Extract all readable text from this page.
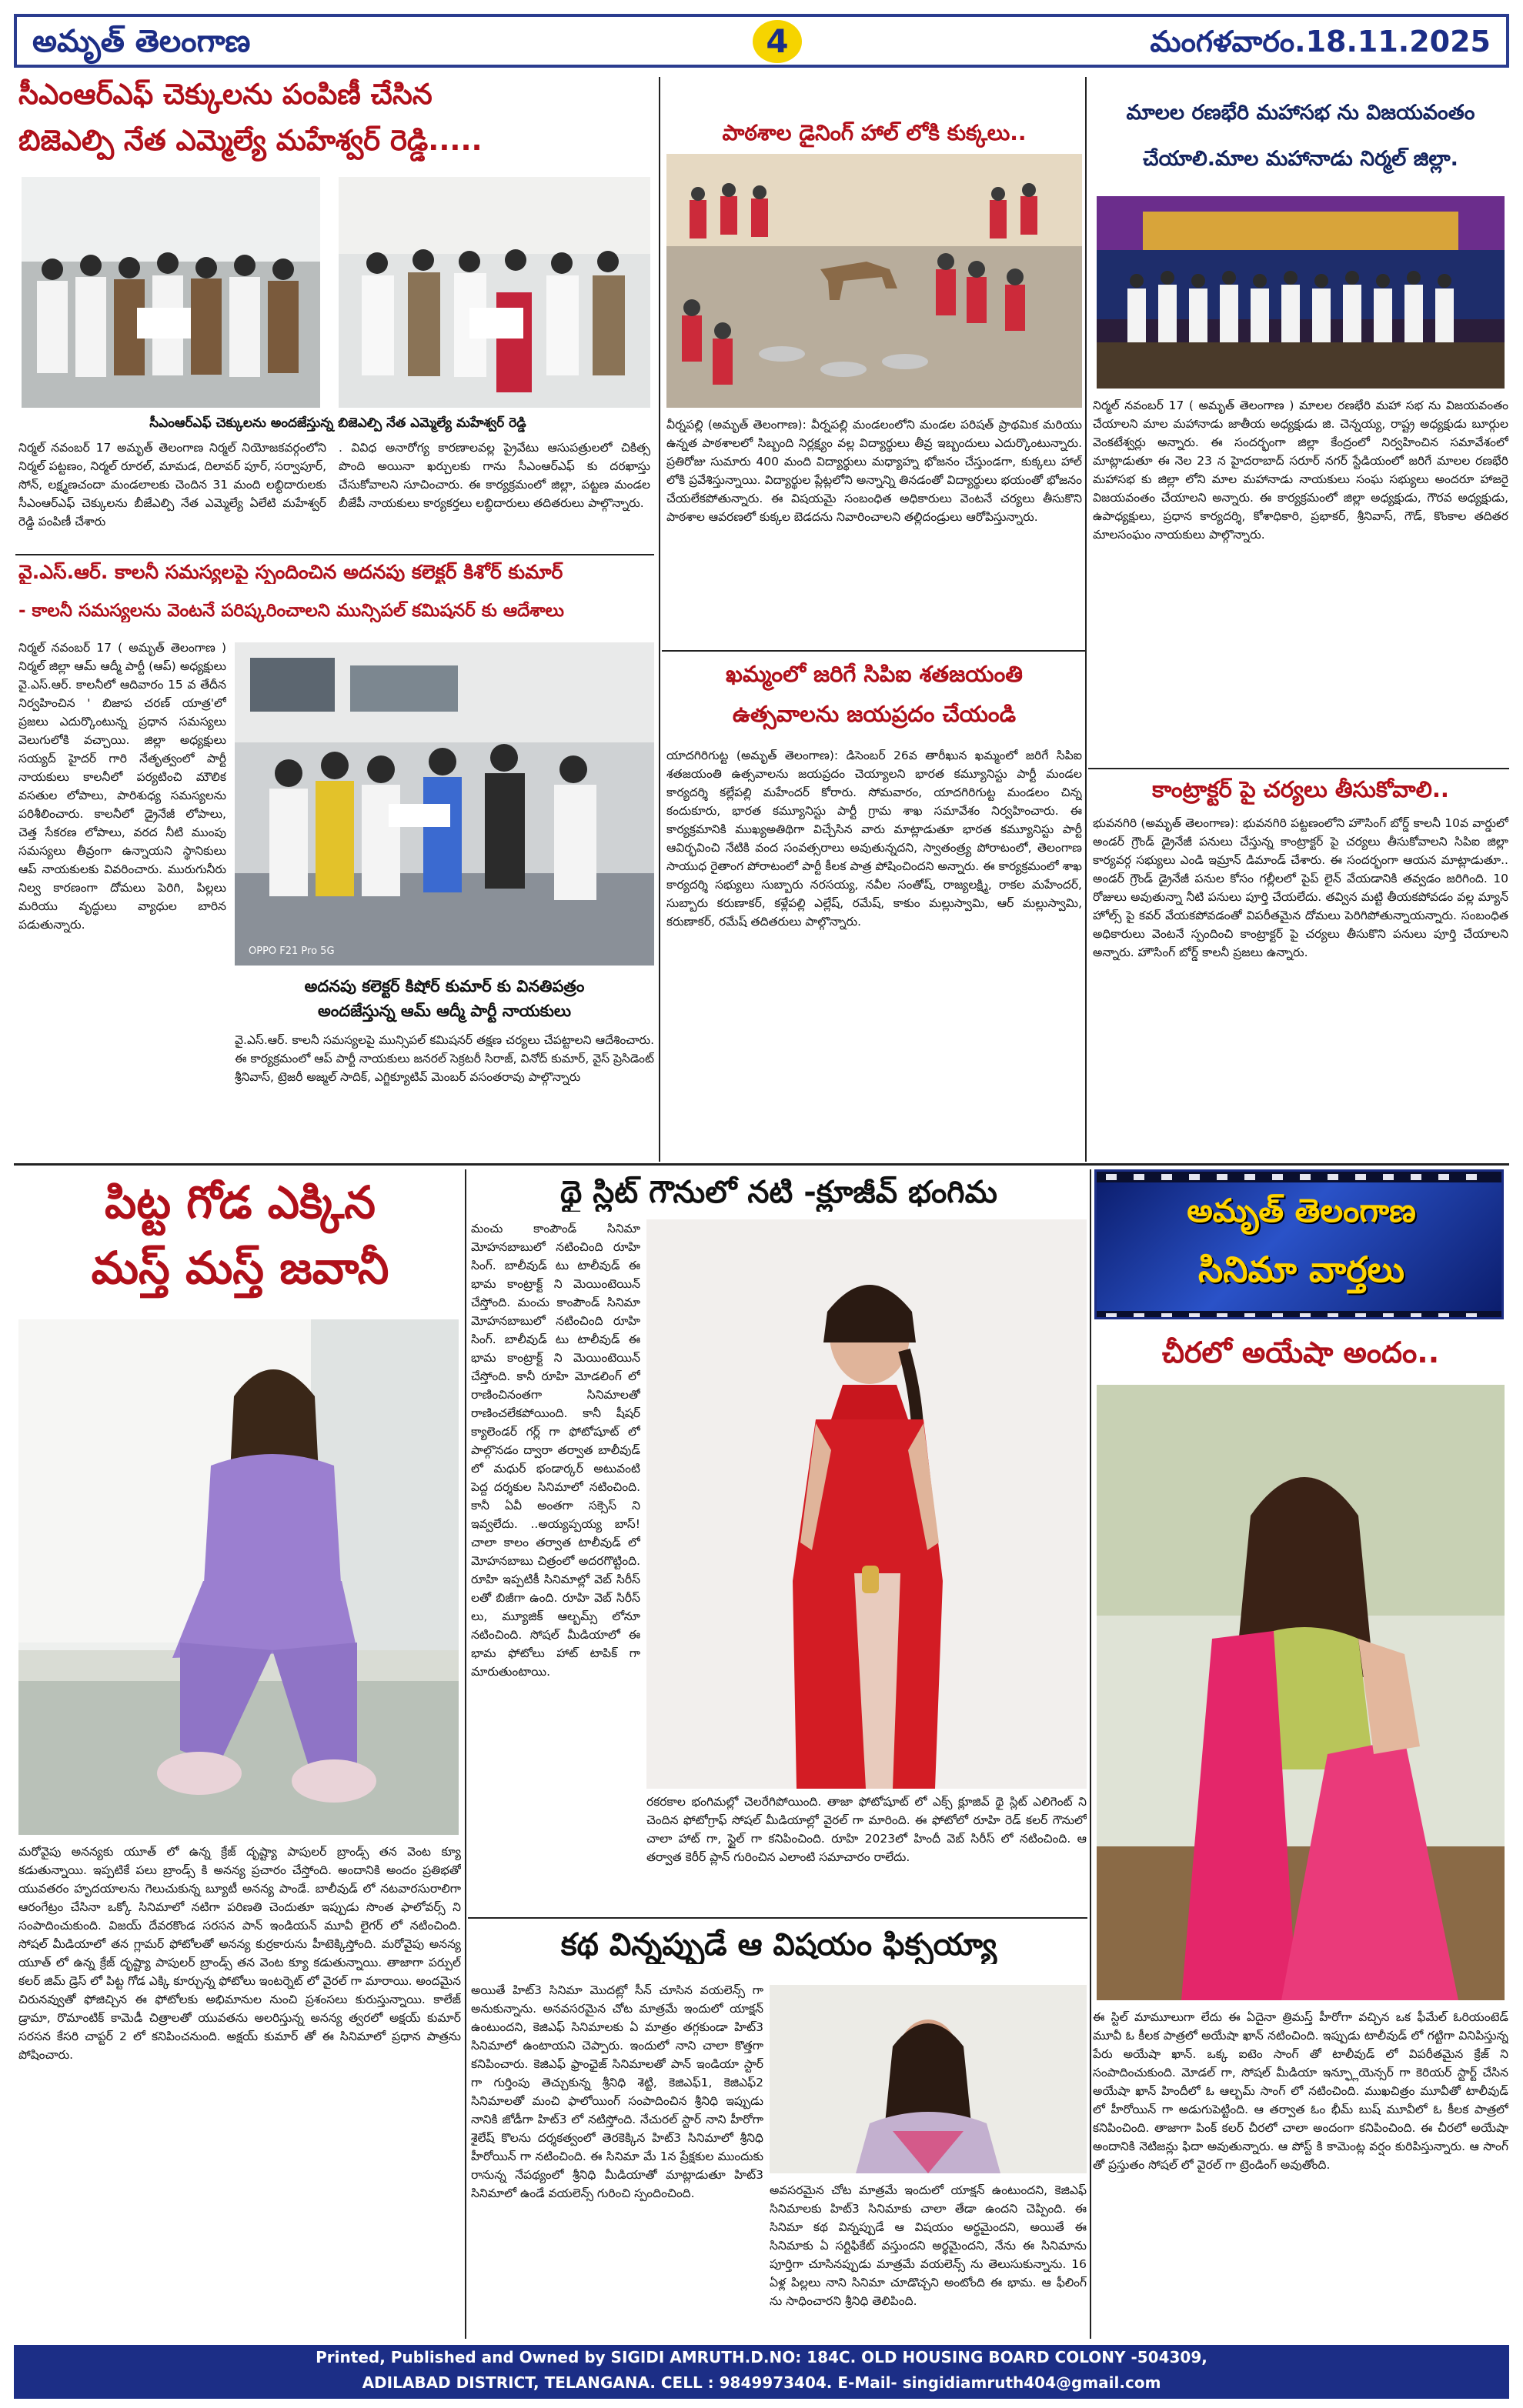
అమృత్ తెలంగాణ	4	మంగళవారం.18.11.2025
సీఎంఆర్ఎఫ్ చెక్కులను పంపిణీ చేసిన
బిజెఎల్పి నేత ఎమ్మెల్యే మహేశ్వర్ రెడ్డి.....
సీఎంఆర్ఎఫ్ చెక్కులను అందజేస్తున్న బిజెఎల్పి నేత ఎమ్మెల్యే మహేశ్వర్ రెడ్డి
నిర్మల్ నవంబర్ 17 అమృత్ తెలంగాణ నిర్మల్ నియోజకవర్గంలోని నిర్మల్ పట్టణం, నిర్మల్ రూరల్, మామడ, దిలావర్ పూర్, సర్వాపూర్, సోన్, లక్ష్మణచందా మండలాలకు చెందిన 31 మంది లబ్ధిదారులకు సీఎంఆర్ఎఫ్ చెక్కులను బీజేఎల్పి నేత ఎమ్మెల్యే ఏలేటి మహేశ్వర్ రెడ్డి పంపిణీ చేశారు
. వివిధ అనారోగ్య కారణాలవల్ల ప్రైవేటు ఆసుపత్రులలో చికిత్స పొంది అయినా ఖర్చులకు గాను సీఎంఆర్ఎఫ్ కు దరఖాస్తు చేసుకోవాలని సూచించారు. ఈ కార్యక్రమంలో జిల్లా, పట్టణ మండల బీజేపీ నాయకులు కార్యకర్తలు లబ్ధిదారులు తదితరులు పాల్గొన్నారు.
వై.ఎస్.ఆర్. కాలనీ సమస్యలపై స్పందించిన అదనపు కలెక్టర్ కిశోర్ కుమార్
- కాలనీ సమస్యలను వెంటనే పరిష్కరించాలని మున్సిపల్ కమిషనర్ కు ఆదేశాలు
నిర్మల్ నవంబర్ 17 ( అమృత్ తెలంగాణ ) నిర్మల్ జిల్లా ఆమ్ ఆద్మీ పార్టీ (ఆప్) అధ్యక్షులు వై.ఎస్.ఆర్. కాలనీలో ఆదివారం 15 వ తేదీన నిర్వహించిన ' బిజాప చరణ్ యాత్ర'లో ప్రజలు ఎదుర్కొంటున్న ప్రధాన సమస్యలు వెలుగులోకి వచ్చాయి. జిల్లా అధ్యక్షులు సయ్యద్ హైదర్ గారి నేతృత్వంలో పార్టీ నాయకులు కాలనీలో పర్యటించి మౌలిక వసతుల లోపాలు, పారిశుధ్య సమస్యలను పరిశీలించారు. కాలనీలో డ్రైనేజీ లోపాలు, చెత్త సేకరణ లోపాలు, వరద నీటి ముంపు సమస్యలు తీవ్రంగా ఉన్నాయని స్థానికులు ఆప్ నాయకులకు వివరించారు. మురుగునీరు నిల్వ కారణంగా దోమలు పెరిగి, పిల్లలు మరియు వృద్ధులు వ్యాధుల బారిన పడుతున్నారు.
OPPO F21 Pro 5G
అదనపు కలెక్టర్ కిషోర్ కుమార్ కు వినతిపత్రం
అందజేస్తున్న ఆమ్ ఆద్మీ పార్టీ నాయకులు
వై.ఎస్.ఆర్. కాలనీ సమస్యలపై మున్సిపల్ కమిషనర్ తక్షణ చర్యలు చేపట్టాలని ఆదేశించారు. ఈ కార్యక్రమంలో ఆప్ పార్టీ నాయకులు జనరల్ సెక్రటరీ సిరాజ్, వినోద్ కుమార్, వైస్ ప్రెసిడెంట్ శ్రీనివాస్, ట్రెజరీ అజ్మల్ సాదిక్, ఎగ్జిక్యూటివ్ మెంబర్ వసంతరావు పాల్గొన్నారు
పాఠశాల డైనింగ్ హాల్ లోకి కుక్కలు..
వీర్నపల్లి (అమృత్ తెలంగాణ): వీర్నపల్లి మండలంలోని మండల పరిషత్ ప్రాథమిక మరియు ఉన్నత పాఠశాలలో సిబ్బంది నిర్లక్ష్యం వల్ల విద్యార్థులు తీవ్ర ఇబ్బందులు ఎదుర్కొంటున్నారు. ప్రతిరోజు సుమారు 400 మంది విద్యార్థులు మధ్యాహ్న భోజనం చేస్తుండగా, కుక్కలు హాల్ లోకి ప్రవేశిస్తున్నాయి. విద్యార్థుల ప్లేట్లలోని అన్నాన్ని తినడంతో విద్యార్థులు భయంతో భోజనం చేయలేకపోతున్నారు. ఈ విషయమై సంబంధిత అధికారులు వెంటనే చర్యలు తీసుకొని పాఠశాల ఆవరణలో కుక్కల బెడదను నివారించాలని తల్లిదండ్రులు ఆరోపిస్తున్నారు.
ఖమ్మంలో జరిగే సిపిఐ శతజయంతి
ఉత్సవాలను జయప్రదం చేయండి
యాదగిరిగుట్ట (అమృత్ తెలంగాణ): డిసెంబర్ 26వ తారీఖున ఖమ్మంలో జరిగే సిపిఐ శతజయంతి ఉత్సవాలను జయప్రదం చెయ్యాలని భారత కమ్యూనిస్టు పార్టీ మండల కార్యదర్శి కల్లేపల్లి మహేందర్ కోరారు. సోమవారం, యాదగిరిగుట్ట మండలం చిన్న కందుకూరు, భారత కమ్యూనిస్టు పార్టీ గ్రామ శాఖ సమావేశం నిర్వహించారు. ఈ కార్యక్రమానికి ముఖ్యఅతిథిగా విచ్చేసిన వారు మాట్లాడుతూ భారత కమ్యూనిస్టు పార్టీ ఆవిర్భవించి నేటికి వంద సంవత్సరాలు అవుతున్నదని, స్వాతంత్ర్య పోరాటంలో, తెలంగాణ సాయుధ రైతాంగ పోరాటంలో పార్టీ కీలక పాత్ర పోషించిందని అన్నారు. ఈ కార్యక్రమంలో శాఖ కార్యదర్శి సభ్యులు సుబ్బారు నరసయ్య, నవీల సంతోష్, రాజ్యలక్ష్మి, రాకల మహేందర్, సుబ్బారు కరుణాకర్, కళ్లేపల్లి ఎల్లేష్, రమేష్, కాకుం మల్లుస్వామి, ఆర్ మల్లుస్వామి, కరుణాకర్, రమేష్ తదితరులు పాల్గొన్నారు.
మాలల రణభేరి మహాసభ ను విజయవంతం
చేయాలి.మాల మహానాడు నిర్మల్ జిల్లా.
నిర్మల్ నవంబర్ 17 ( అమృత్ తెలంగాణ ) మాలల రణభేరి మహా సభ ను విజయవంతం చేయాలని మాల మహానాడు జాతీయ అధ్యక్షుడు జి. చెన్నయ్య, రాష్ట్ర అధ్యక్షుడు బూర్గుల వెంకటేశ్వర్లు అన్నారు. ఈ సందర్భంగా జిల్లా కేంద్రంలో నిర్వహించిన సమావేశంలో మాట్లాడుతూ ఈ నెల 23 న హైదరాబాద్ సరూర్ నగర్ స్టేడియంలో జరిగే మాలల రణభేరి మహాసభ కు జిల్లా లోని మాల మహానాడు నాయకులు సంఘ సభ్యులు అందరూ హాజరై విజయవంతం చేయాలని అన్నారు. ఈ కార్యక్రమంలో జిల్లా అధ్యక్షుడు, గౌరవ అధ్యక్షుడు, ఉపాధ్యక్షులు, ప్రధాన కార్యదర్శి, కోశాధికారి, ప్రభాకర్, శ్రీనివాస్, గౌడ్, కొంకాల తదితర మాలసంఘం నాయకులు పాల్గొన్నారు.
కాంట్రాక్టర్ పై చర్యలు తీసుకోవాలి..
భువనగిరి (అమృత్ తెలంగాణ): భువనగిరి పట్టణంలోని హౌసింగ్ బోర్డ్ కాలనీ 10వ వార్డులో అండర్ గ్రౌండ్ డ్రైనేజీ పనులు చేస్తున్న కాంట్రాక్టర్ పై చర్యలు తీసుకోవాలని సిపిఐ జిల్లా కార్యవర్గ సభ్యులు ఎండి ఇమ్రాన్ డిమాండ్ చేశారు. ఈ సందర్భంగా ఆయన మాట్లాడుతూ.. అండర్ గ్రౌండ్ డ్రైనేజీ పనుల కోసం గల్లీలలో పైప్ లైన్ వేయడానికి తవ్వడం జరిగింది. 10 రోజులు అవుతున్నా నీటి పనులు పూర్తి చేయలేదు. తవ్విన మట్టి తీయకపోవడం వల్ల మ్యాన్ హోల్స్ పై కవర్ వేయకపోవడంతో విపరీతమైన దోమలు పెరిగిపోతున్నాయన్నారు. సంబంధిత అధికారులు వెంటనే స్పందించి కాంట్రాక్టర్ పై చర్యలు తీసుకొని పనులు పూర్తి చేయాలని అన్నారు. హౌసింగ్ బోర్డ్ కాలనీ ప్రజలు ఉన్నారు.
పిట్ట గోడ ఎక్కిన
మస్త్ మస్త్ జవానీ
మరోవైపు అనన్యకు యూత్ లో ఉన్న క్రేజ్ దృష్ట్యా పాపులర్ బ్రాండ్స్ తన వెంట క్యూ కడుతున్నాయి. ఇప్పటికే పలు బ్రాండ్స్ కి అనన్య ప్రచారం చేస్తోంది. అందానికి అందం ప్రతిభతో యువతరం హృదయాలను గెలుచుకున్న బ్యూటీ అనన్య పాండే. బాలీవుడ్ లో నటవారసురాలిగా ఆరంగేట్రం చేసినా ఒక్కో సినిమాలో నటిగా పరిణతి చెందుతూ ఇప్పుడు సొంత ఫాలోవర్స్ ని సంపాదించుకుంది. విజయ్ దేవరకొండ సరసన పాన్ ఇండియన్ మూవీ లైగర్ లో నటించింది. సోషల్ మీడియాలో తన గ్లామర్ ఫోటోలతో అనన్య కుర్రకారును హీటెక్కిస్తోంది. మరోవైపు అనన్య యూత్ లో ఉన్న క్రేజ్ దృష్ట్యా పాపులర్ బ్రాండ్స్ తన వెంట క్యూ కడుతున్నాయి. తాజాగా పర్పుల్ కలర్ జిమ్ డ్రెస్ లో పిట్ట గోడ ఎక్కి కూర్చున్న ఫోటోలు ఇంటర్నెట్ లో వైరల్ గా మారాయి. అందమైన చిరునవ్వుతో ఫోజిచ్చిన ఈ ఫోటోలకు అభిమానుల నుంచి ప్రశంసలు కురుస్తున్నాయి. కాలేజ్ డ్రామా, రొమాంటిక్ కామెడీ చిత్రాలతో యువతను అలరిస్తున్న అనన్య త్వరలో అక్షయ్ కుమార్ సరసన కేసరి చాప్టర్ 2 లో కనిపించనుంది. అక్షయ్ కుమార్ తో ఈ సినిమాలో ప్రధాన పాత్రను పోషించారు.
థై స్లిట్ గౌనులో నటి -క్లూజీవ్ భంగిమ
మంచు కాంపౌండ్ సినిమా మోహనబాబులో నటించింది రూహి సింగ్. బాలీవుడ్ టు టాలీవుడ్ ఈ భామ కాంట్రాక్ట్ ని మెయింటెయిన్ చేస్తోంది. మంచు కాంపౌండ్ సినిమా మోహనబాబులో నటించింది రూహి సింగ్. బాలీవుడ్ టు టాలీవుడ్ ఈ భామ కాంట్రాక్ట్ ని మెయింటెయిన్ చేస్తోంది. కానీ రూహి మోడలింగ్ లో రాణించినంతగా సినిమాలతో రాణించలేకపోయింది. కానీ షీషర్ క్యాలెండర్ గర్ల్ గా ఫోటోషూట్ లో పాల్గొనడం ద్వారా తర్వాత బాలీవుడ్ లో మధుర్ భండార్కర్ అటువంటి పెద్ద దర్శకుల సినిమాలో నటించింది. కానీ ఏవీ అంతగా సక్సెస్ ని ఇవ్వలేదు. ..అయ్యప్పయ్య బాస్! చాలా కాలం తర్వాత టాలీవుడ్ లో మోహనబాబు చిత్రంలో అదరగొట్టింది. రూహి ఇప్పటికీ సినిమాల్లో వెబ్ సిరీస్ లతో బిజీగా ఉంది. రూహి వెబ్ సిరీస్ లు, మ్యూజిక్ ఆల్బమ్స్ లోనూ నటించింది. సోషల్ మీడియాలో ఈ భామ ఫోటోలు హాట్ టాపిక్ గా మారుతుంటాయి.
రకరకాల భంగిమల్లో చెలరేగిపోయింది. తాజా ఫోటోషూట్ లో ఎక్స్ క్లూజివ్ థై స్లిట్ ఎలిగెంట్ ని చెందిన ఫోటోగ్రాఫ్ సోషల్ మీడియాల్లో వైరల్ గా మారింది. ఈ ఫోటోలో రూహి రెడ్ కలర్ గౌనులో చాలా హాట్ గా, స్టైల్ గా కనిపించింది. రూహి 2023లో హిందీ వెబ్ సిరీస్ లో నటించింది. ఆ తర్వాత కెరీర్ ప్లాన్ గురించిన ఎలాంటి సమాచారం రాలేదు.
కథ విన్నప్పుడే ఆ విషయం ఫిక్సయ్యా
అయితే హిట్3 సినిమా మొదట్లో సీన్ చూసిన వయలెన్స్ గా అనుకున్నాను. అనవసరమైన చోట మాత్రమే ఇందులో యాక్షన్ ఉంటుందని, కెజిఎఫ్ సినిమాలకు ఏ మాత్రం తగ్గకుండా హిట్3 సినిమాలో ఉంటాయని చెప్పారు. ఇందులో నాని చాలా కొత్తగా కనిపించారు. కెజిఎఫ్ ఫ్రాంఛైజ్ సినిమాలతో పాన్ ఇండియా స్టార్ గా గుర్తింపు తెచ్చుకున్న శ్రీనిధి శెట్టి, కెజిఎఫ్1, కెజిఎఫ్2 సినిమాలతో మంచి ఫాలోయింగ్ సంపాదించిన శ్రీనిధి ఇప్పుడు నానికి జోడీగా హిట్3 లో నటిస్తోంది. నేచురల్ స్టార్ నాని హీరోగా శైలేష్ కొలను దర్శకత్వంలో తెరకెక్కిన హిట్3 సినిమాలో శ్రీనిధి హీరోయిన్ గా నటించింది. ఈ సినిమా మే 1న ప్రేక్షకుల ముందుకు రానున్న నేపథ్యంలో శ్రీనిధి మీడియాతో మాట్లాడుతూ హిట్3 సినిమాలో ఉండే వయలెన్స్ గురించి స్పందించింది.	అవసరమైన చోట మాత్రమే ఇందులో యాక్షన్ ఉంటుందని, కెజిఎఫ్ సినిమాలకు హిట్3 సినిమాకు చాలా తేడా ఉందని చెప్పింది. ఈ సినిమా కథ విన్నప్పుడే ఆ విషయం అర్థమైందని, అయితే ఈ సినిమాకు ఏ సర్టిఫికేట్ వస్తుందని అర్థమైందని, నేను ఈ సినిమాను పూర్తిగా చూసినప్పుడు మాత్రమే వయలెన్స్ ను తెలుసుకున్నాను. 16 ఏళ్ల పిల్లలు నాని సినిమా చూడొచ్చని అంటోంది ఈ భామ. ఆ ఫీలింగ్ ను సాధించారని శ్రీనిధి తెలిపింది.
అమృత్ తెలంగాణ
సినిమా వార్తలు
చీరలో అయేషా అందం..
ఈ స్టిల్ మామూలుగా లేదు ఈ ఏదైనా త్రిమస్త్ హీరోగా వచ్చిన ఒక ఫీమేల్ ఓరియంటెడ్ మూవీ ఓ కీలక పాత్రలో అయేషా ఖాన్ నటించింది. ఇప్పుడు టాలీవుడ్ లో గట్టిగా వినిపిస్తున్న పేరు అయేషా ఖాన్. ఒక్క ఐటెం సాంగ్ తో టాలీవుడ్ లో విపరీతమైన క్రేజ్ ని సంపాదించుకుంది. మోడల్ గా, సోషల్ మీడియా ఇన్ఫ్లూయెన్సర్ గా కెరియర్ స్టార్ట్ చేసిన అయేషా ఖాన్ హిందీలో ఓ ఆల్బమ్ సాంగ్ లో నటించింది. ముఖచిత్రం మూవీతో టాలీవుడ్ లో హీరోయిన్ గా అడుగుపెట్టింది. ఆ తర్వాత ఓం భీమ్ బుష్ మూవీలో ఓ కీలక పాత్రలో కనిపించింది. తాజాగా పింక్ కలర్ చీరలో చాలా అందంగా కనిపించింది. ఈ చీరలో అయేషా అందానికి నెటిజన్లు ఫిదా అవుతున్నారు. ఆ పోస్ట్ కి కామెంట్ల వర్షం కురిపిస్తున్నారు. ఆ సాంగ్ తో ప్రస్తుతం సోషల్ లో వైరల్ గా ట్రెండింగ్ అవుతోంది.
Printed, Published and Owned by SIGIDI AMRUTH.D.NO: 184C. OLD HOUSING BOARD COLONY -504309,
ADILABAD DISTRICT, TELANGANA. CELL : 9849973404. E-Mail- singidiamruth404@gmail.com
